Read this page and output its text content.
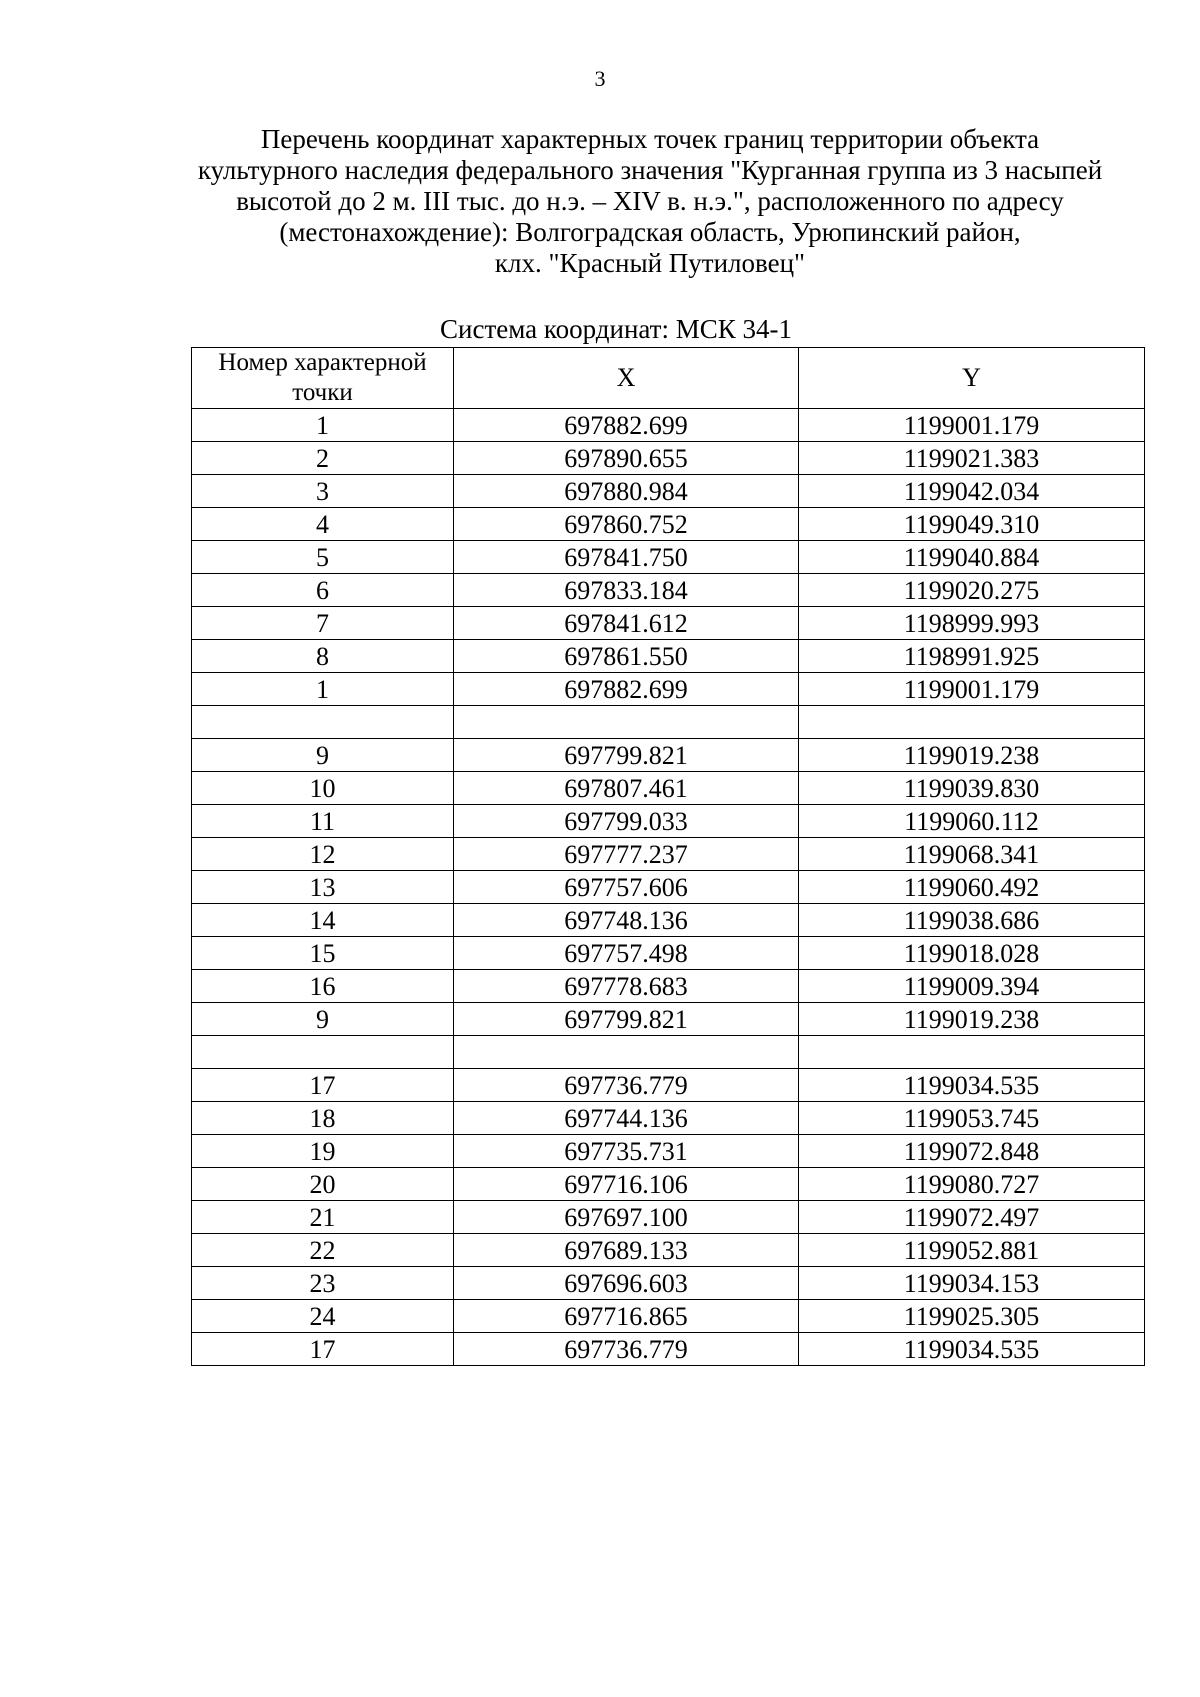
3
Перечень координат характерных точек границ территории объекта
культурного наследия федерального значения "Курганная группа из 3 насыпей
высотой до 2 м. III тыс. до н.э. – XIV в. н.э.", расположенного по адресу
(местонахождение): Волгоградская область, Урюпинский район,
клх. "Красный Путиловец"
Система координат: МСК 34-1
Номер характерной точки	X	Y
1	697882.699	1199001.179
2	697890.655	1199021.383
3	697880.984	1199042.034
4	697860.752	1199049.310
5	697841.750	1199040.884
6	697833.184	1199020.275
7	697841.612	1198999.993
8	697861.550	1198991.925
1	697882.699	1199001.179

9	697799.821	1199019.238
10	697807.461	1199039.830
11	697799.033	1199060.112
12	697777.237	1199068.341
13	697757.606	1199060.492
14	697748.136	1199038.686
15	697757.498	1199018.028
16	697778.683	1199009.394
9	697799.821	1199019.238

17	697736.779	1199034.535
18	697744.136	1199053.745
19	697735.731	1199072.848
20	697716.106	1199080.727
21	697697.100	1199072.497
22	697689.133	1199052.881
23	697696.603	1199034.153
24	697716.865	1199025.305
17	697736.779	1199034.535
